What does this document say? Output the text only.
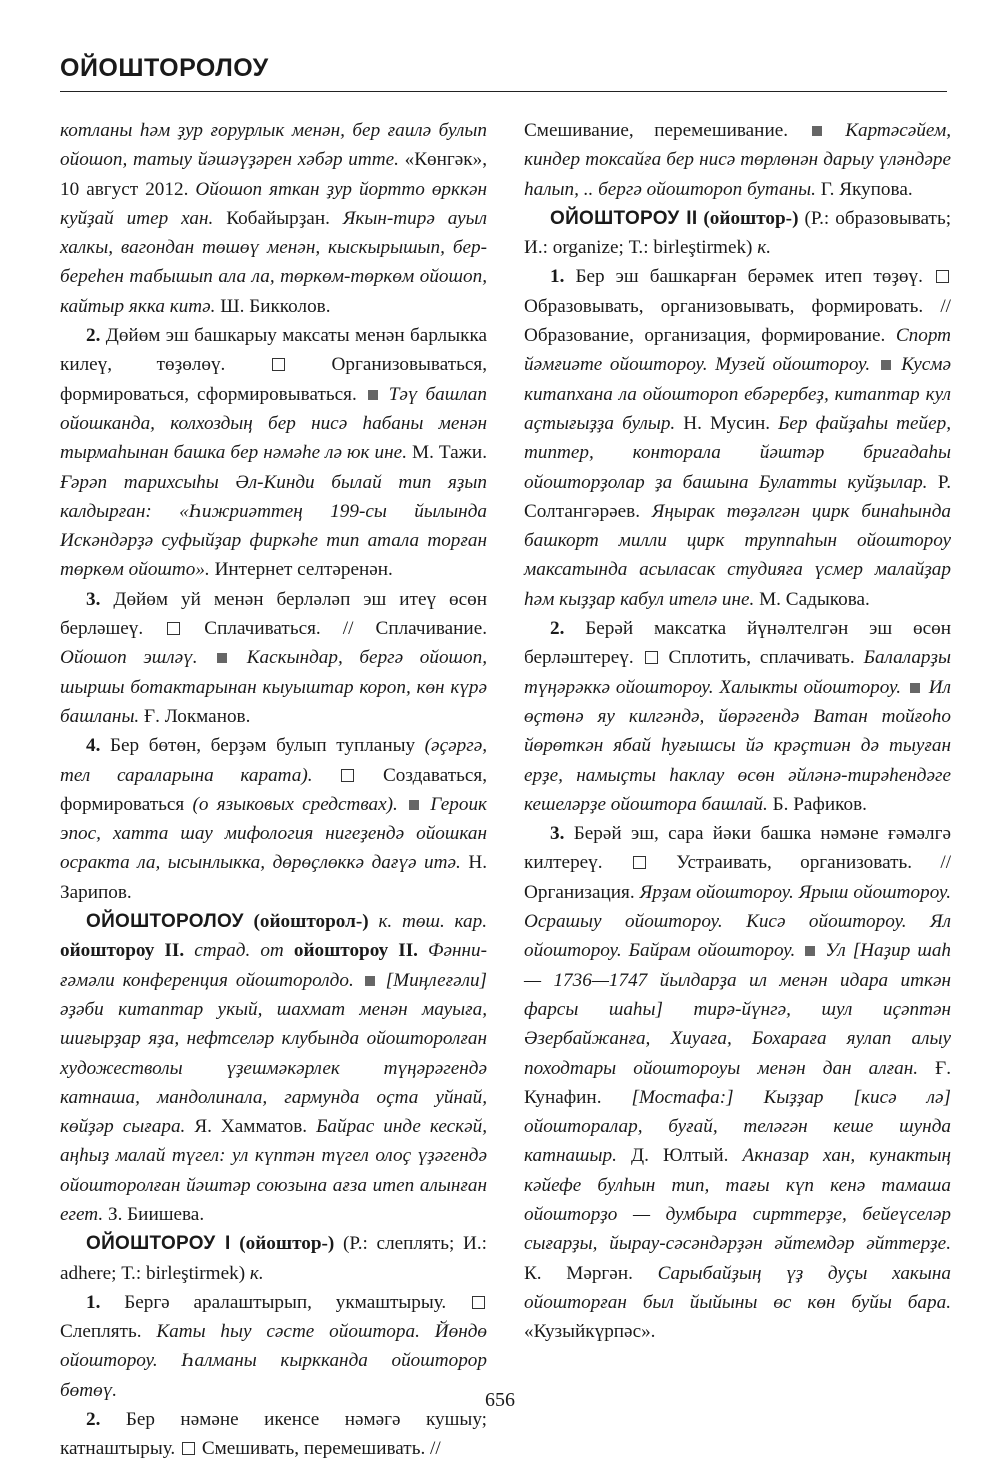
ОЙОШТОРОЛОУ

котланы һәм ҙур ғорурлык менән, бер ғаилә булып ойошоп, татыу йәшәүҙәрен хәбәр итте. «Көнгәк», 10 август 2012. Ойошоп яткан ҙур йортто өрккән куйҙай итер хан. Кобайырҙан. Якын-тирә ауыл халкы, вагондан төшөү менән, кыскырышып, бер-береһен табышып ала ла, төркөм-төркөм ойошоп, кайтыр якка китә. Ш. Бикколов.

2. Дөйөм эш башкарыу максаты менән барлыкка килеү, төҙөлөү.	Организовываться, формироваться, сформировываться. Тәү башлап ойошканда, колхоздың бер нисә һабаны менән тырмаһынан башка бер нәмәһе лә юк ине. М. Тажи. Ғәрәп тарихсыһы Әл-Кинди былай тип яҙып калдырған: «Һижриәттең 199-сы йылында Искәндәрҙә суфыйҙар фиркәһе тип атала торған төркөм ойошто». Интернет селтәренән.

3. Дөйөм уй менән берләләп эш итеү өсөн берләшеү.	Сплачиваться. // Сплачивание. Ойошоп эшләү.	Каскындар, бергә ойошоп, шыршы ботактарынан кыуыштар короп, көн күрә башланы. Ғ. Локманов.

4. Бер бөтөн, берҙәм булып тупланыу (әҫәргә, тел сараларына карата).	Создаваться, формироваться (о языковых средствах). Героик эпос, хатта шау мифология нигеҙендә ойошкан осракта ла, ысынлыкка, дөрөҫлөккә дағүә итә. Н. Зарипов.

ОЙОШТОРОЛОУ (ойошторол-) к. төш. кар. ойоштороу II. страд. от ойоштороу II. Фәнни-ғәмәли конференция ойошторолдо. [Миңлеғәли] әҙәби китаптар укый, шахмат менән мауыға, шиғырҙар яҙа, нефтселәр клубында ойошторолған художестволы үҙешмәкәрлек түңәрәгендә катнаша, мандолинала, гармунда оҫта уйнай, көйҙәр сығара. Я. Хамматов. Байрас инде кескәй, аңһыҙ малай түгел: ул күптән түгел олоҫ үҙәгендә ойошторолған йәштәр союзына ағза итеп алынған егет. З. Биишева.

ОЙОШТОРОУ I (ойоштор-) (Р.: слеплять; И.: adhere; Т.: birleştirmek) к.

1. Бергә аралаштырып, укмаштырыу.  Слеплять. Каты һыу сәсте ойоштора. Йөндө ойоштороу. Һалманы кыркканда ойошторop бөтөү.

2. Бер нәмәне икенсе нәмәгә кушыу; катнаштырыу. Смешивать, перемешивать. //

Смешивание, перемешивание.	Картәсәйем, киндер токсайға бер нисә төрлөнән дарыу үләндәре һалып, .. бергә ойоштороп бутаны. Г. Якупова.

ОЙОШТОРОУ II (ойоштор-) (Р.: образовывать; И.: organize; Т.: birleştirmek) к.

1. Бер эш башкарған берәмек итеп төҙөү.  Образовывать, организовывать, формировать. // Образование, организация, формирование. Спорт йәмғиәте ойоштороу. Музей ойоштороу. Кусмә китапхана ла ойоштороп ебәрербеҙ, китаптар кул аҫтығыҙҙа булыр. Н. Мусин. Бер файҙаһы тейер, типтер, конторала йәштәр бригадаһы ойошторҙолар ҙа башына Булатты куйҙылар. Р. Солтангәрәев. Яңырак төҙәлгән цирк бинаһында башкорт милли цирк труппаһын ойоштороу максатында асылаcак студияға үсмер малайҙар һәм кыҙҙар кабул ителә ине. М. Садыкова.

2. Берәй максатка йүнәлтелгән эш өсөн берләштереү. Сплотить, сплачивать. Балаларҙы түңәрәккә ойоштороу. Халыкты ойоштороу. Ил өҫтөнә яу килгәндә, йөрәгендә Ватан тойғоһо йөрөткән ябай һуғышсы йә крәҫтиән дә тыуған ерҙе, намыҫты һаклау өсөн әйләнә-тирәһендәге кешеләрҙе ойоштора башлай. Б. Рафиков.

3. Берәй эш, сара йәки башка нәмәне ғәмәлгә килтереү.	Устраивать, организовать. // Организация. Ярҙам ойоштороу. Ярыш ойоштороу. Осрашыу ойоштороу. Кисә ойоштороу. Ял ойоштороу. Байрам ойоштороу. Ул [Наҙир шаһ — 1736—1747 йылдарҙа ил менән идара иткән фарсы шаһы] тирә-йүнгә, шул иҫәптән Әзербайжанға, Хиуаға, Бохараға яулап алыу походтары ойоштороуы менән дан алған. Ғ. Кунафин. [Мостафа:] Кыҙҙар [кисә лә] ойоштоpалар, буғай, теләгән кеше шунда катнашыр. Д. Юлтый. Акназар хан, кунактың кәйефе булһын тип, тағы күп кенә тамаша ойошторҙо — думбыра сирттерҙе, бейеүселәр сығарҙы, йырау-сәсәндәрҙән әйтемдәр әйттерҙе. К. Мәргән. Сарыбайҙың үҙ дуҫы хакына ойошторған был йыйыны өс көн буйы бара. «Кузыйкүрпәс».

656
